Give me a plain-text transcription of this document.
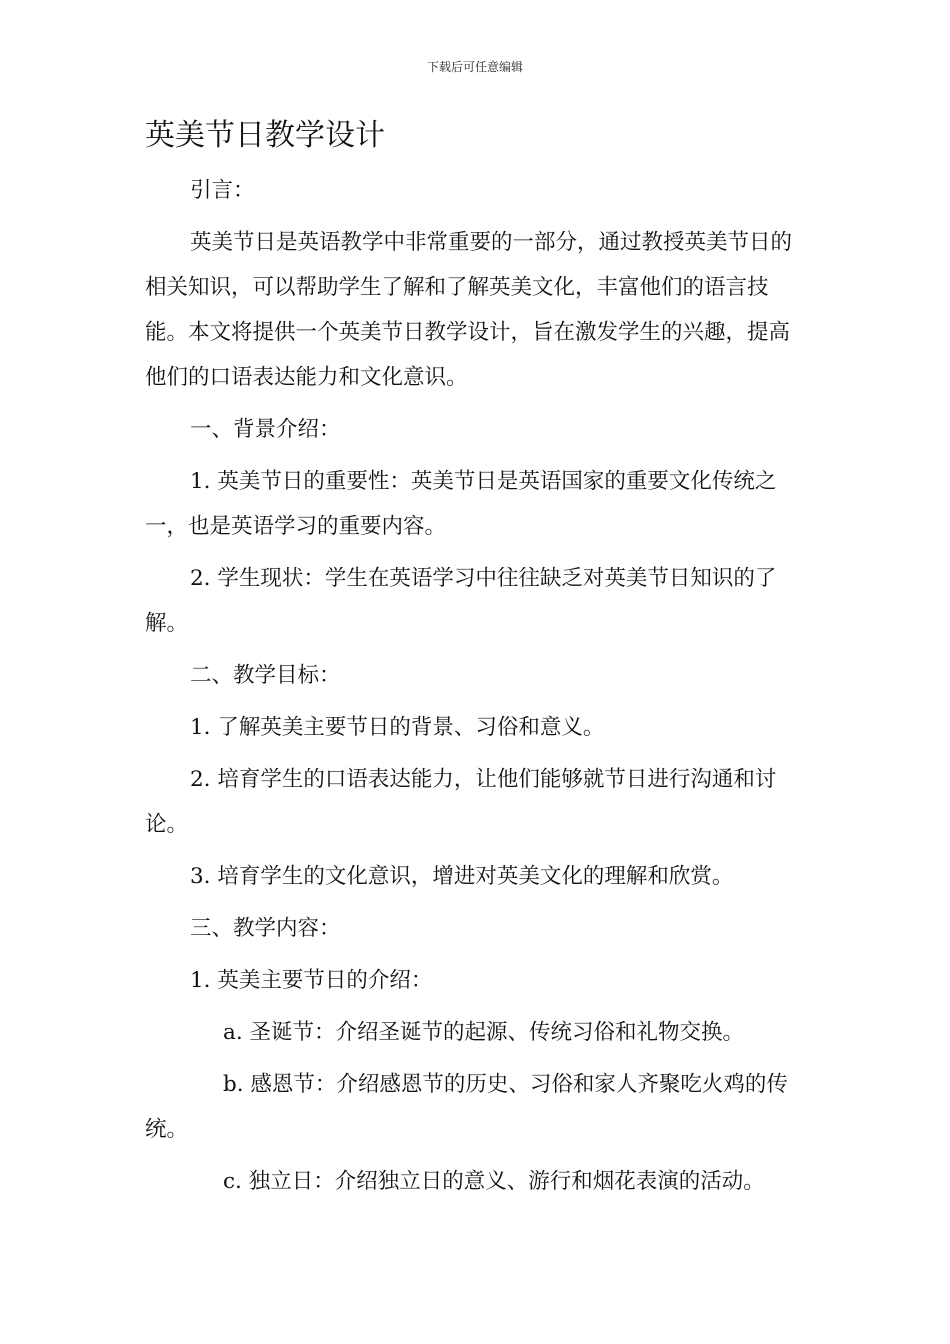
下载后可任意编辑
英美节日教学设计

引言：

英美节日是英语教学中非常重要的一部分，通过教授英美节日的相关知识，可以帮助学生了解和了解英美文化，丰富他们的语言技能。本文将提供一个英美节日教学设计，旨在激发学生的兴趣，提高他们的口语表达能力和文化意识。

一、背景介绍：

1. 英美节日的重要性：英美节日是英语国家的重要文化传统之一，也是英语学习的重要内容。

2. 学生现状：学生在英语学习中往往缺乏对英美节日知识的了解。

二、教学目标：

1. 了解英美主要节日的背景、习俗和意义。

2. 培育学生的口语表达能力，让他们能够就节日进行沟通和讨论。

3. 培育学生的文化意识，增进对英美文化的理解和欣赏。

三、教学内容：

1. 英美主要节日的介绍：

a. 圣诞节：介绍圣诞节的起源、传统习俗和礼物交换。

b. 感恩节：介绍感恩节的历史、习俗和家人齐聚吃火鸡的传统。

c. 独立日：介绍独立日的意义、游行和烟花表演的活动。
